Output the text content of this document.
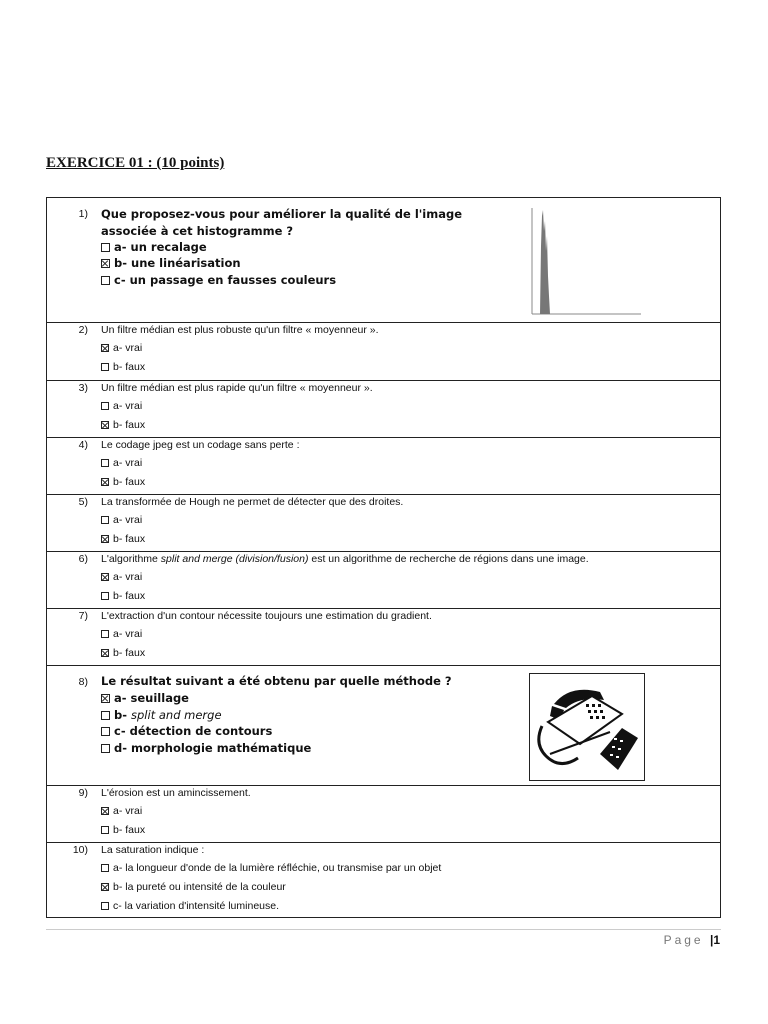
EXERCICE 01 : (10 points)
1) Que proposez-vous pour améliorer la qualité de l'image
associée à cet histogramme ?
a- un recalage
b- une linéarisation
c- un passage en fausses couleurs
2) Un filtre médian est plus robuste qu'un filtre « moyenneur ».
a- vrai
b- faux
3) Un filtre médian est plus rapide qu'un filtre « moyenneur ».
a- vrai
b- faux
4) Le codage jpeg est un codage sans perte :
a- vrai
b- faux
5) La transformée de Hough ne permet de détecter que des droites.
a- vrai
b- faux
6) L'algorithme split and merge (division/fusion) est un algorithme de recherche de régions dans une image.
a- vrai
b- faux
7) L'extraction d'un contour nécessite toujours une estimation du gradient.
a- vrai
b- faux
8) Le résultat suivant a été obtenu par quelle méthode ?
a- seuillage
b- split and merge
c- détection de contours
d- morphologie mathématique
9) L'érosion est un amincissement.
a- vrai
b- faux
10) La saturation indique :
a- la longueur d'onde de la lumière réfléchie, ou transmise par un objet
b- la pureté ou intensité de la couleur
c- la variation d'intensité lumineuse.
Page |1
